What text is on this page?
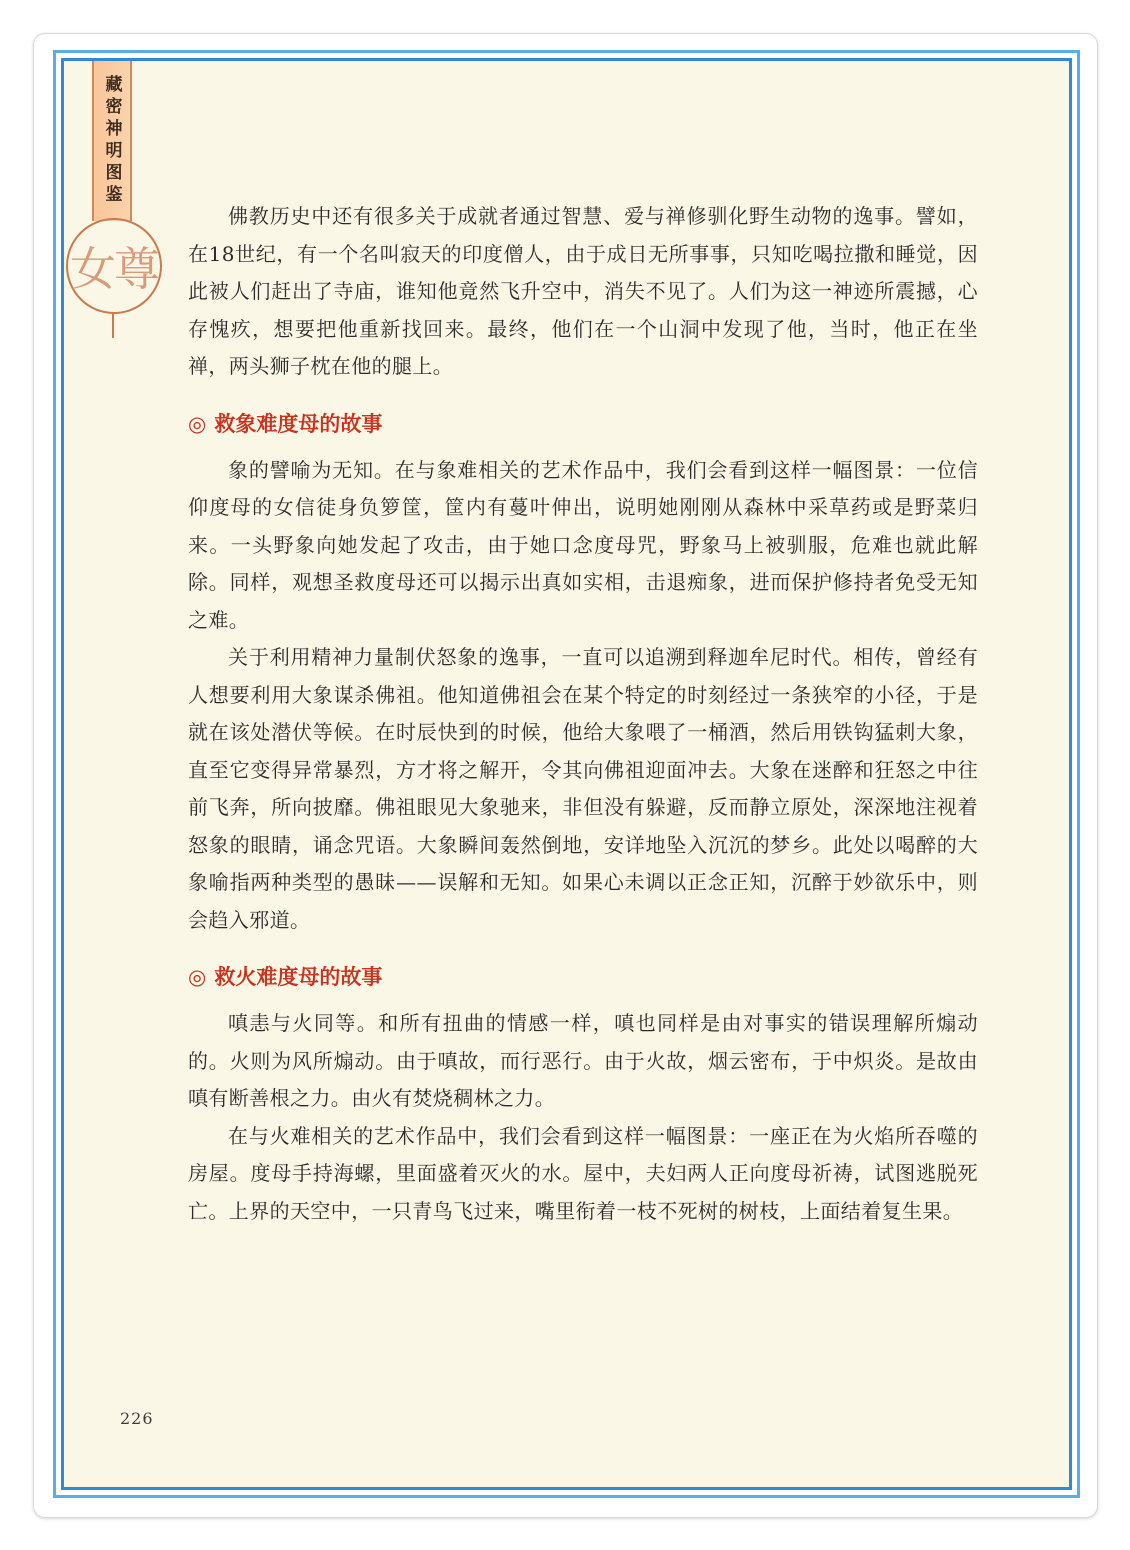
藏密神明图鉴
女尊

佛教历史中还有很多关于成就者通过智慧、爱与禅修驯化野生动物的逸事。譬如，在18世纪，有一个名叫寂天的印度僧人，由于成日无所事事，只知吃喝拉撒和睡觉，因此被人们赶出了寺庙，谁知他竟然飞升空中，消失不见了。人们为这一神迹所震撼，心存愧疚，想要把他重新找回来。最终，他们在一个山洞中发现了他，当时，他正在坐禅，两头狮子枕在他的腿上。

◎ 救象难度母的故事

象的譬喻为无知。在与象难相关的艺术作品中，我们会看到这样一幅图景：一位信仰度母的女信徒身负箩筐，筐内有蔓叶伸出，说明她刚刚从森林中采草药或是野菜归来。一头野象向她发起了攻击，由于她口念度母咒，野象马上被驯服，危难也就此解除。同样，观想圣救度母还可以揭示出真如实相，击退痴象，进而保护修持者免受无知之难。

关于利用精神力量制伏怒象的逸事，一直可以追溯到释迦牟尼时代。相传，曾经有人想要利用大象谋杀佛祖。他知道佛祖会在某个特定的时刻经过一条狭窄的小径，于是就在该处潜伏等候。在时辰快到的时候，他给大象喂了一桶酒，然后用铁钩猛刺大象，直至它变得异常暴烈，方才将之解开，令其向佛祖迎面冲去。大象在迷醉和狂怒之中往前飞奔，所向披靡。佛祖眼见大象驰来，非但没有躲避，反而静立原处，深深地注视着怒象的眼睛，诵念咒语。大象瞬间轰然倒地，安详地坠入沉沉的梦乡。此处以喝醉的大象喻指两种类型的愚昧——误解和无知。如果心未调以正念正知，沉醉于妙欲乐中，则会趋入邪道。

◎ 救火难度母的故事

嗔恚与火同等。和所有扭曲的情感一样，嗔也同样是由对事实的错误理解所煽动的。火则为风所煽动。由于嗔故，而行恶行。由于火故，烟云密布，于中炽炎。是故由嗔有断善根之力。由火有焚烧稠林之力。

在与火难相关的艺术作品中，我们会看到这样一幅图景：一座正在为火焰所吞噬的房屋。度母手持海螺，里面盛着灭火的水。屋中，夫妇两人正向度母祈祷，试图逃脱死亡。上界的天空中，一只青鸟飞过来，嘴里衔着一枝不死树的树枝，上面结着复生果。

226
